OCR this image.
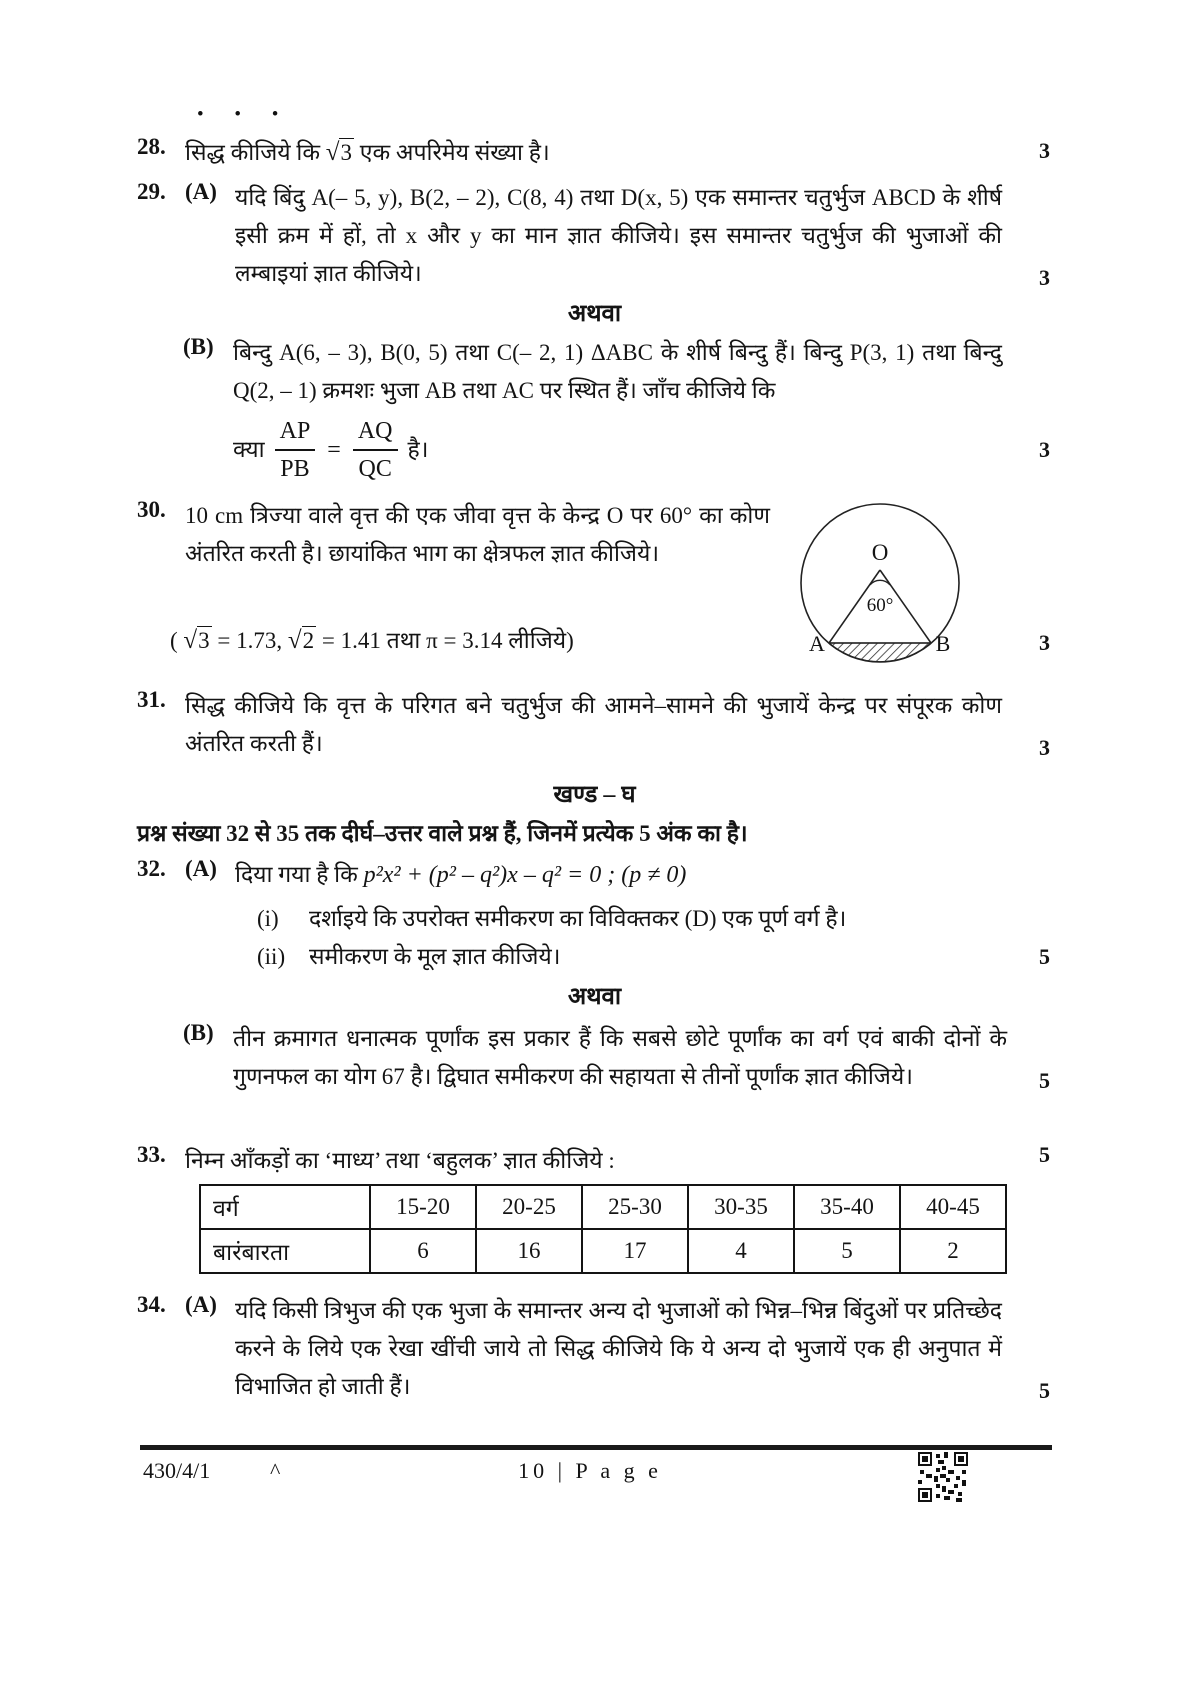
• • •
28. सिद्ध कीजिये कि √3 एक अपरिमेय संख्या है।	3
29. (A) यदि बिंदु A(– 5, y), B(2, – 2), C(8, 4) तथा D(x, 5) एक समान्तर चतुर्भुज ABCD के शीर्ष इसी क्रम में हों, तो x और y का मान ज्ञात कीजिये। इस समान्तर चतुर्भुज की भुजाओं की लम्बाइयां ज्ञात कीजिये।	3
अथवा
(B) बिन्दु A(6, – 3), B(0, 5) तथा C(– 2, 1) ΔABC के शीर्ष बिन्दु हैं। बिन्दु P(3, 1) तथा बिन्दु Q(2, – 1) क्रमशः भुजा AB तथा AC पर स्थित हैं। जाँच कीजिये कि
क्या $\frac{AP}{PB} = \frac{AQ}{QC}$ है।	3
30. 10 cm त्रिज्या वाले वृत्त की एक जीवा वृत्त के केन्द्र O पर 60° का कोण अंतरित करती है। छायांकित भाग का क्षेत्रफल ज्ञात कीजिये।
( √3 = 1.73, √2 = 1.41 तथा π = 3.14 लीजिये)	3
O
60°
A	B
31. सिद्ध कीजिये कि वृत्त के परिगत बने चतुर्भुज की आमने–सामने की भुजायें केन्द्र पर संपूरक कोण अंतरित करती हैं।	3
खण्ड – घ
प्रश्न संख्या 32 से 35 तक दीर्घ–उत्तर वाले प्रश्न हैं, जिनमें प्रत्येक 5 अंक का है।
32. (A) दिया गया है कि p²x² + (p² – q²)x – q² = 0 ; (p ≠ 0)
(i)	दर्शाइये कि उपरोक्त समीकरण का विविक्तकर (D) एक पूर्ण वर्ग है।
(ii)	समीकरण के मूल ज्ञात कीजिये।	5
अथवा
(B) तीन क्रमागत धनात्मक पूर्णांक इस प्रकार हैं कि सबसे छोटे पूर्णांक का वर्ग एवं बाकी दोनों के गुणनफल का योग 67 है। द्विघात समीकरण की सहायता से तीनों पूर्णांक ज्ञात कीजिये।	5
33. निम्न आँकड़ों का ‘माध्य’ तथा ‘बहुलक’ ज्ञात कीजिये :	5
वर्ग	15-20	20-25	25-30	30-35	35-40	40-45
बारंबारता	6	16	17	4	5	2
34. (A) यदि किसी त्रिभुज की एक भुजा के समान्तर अन्य दो भुजाओं को भिन्न–भिन्न बिंदुओं पर प्रतिच्छेद करने के लिये एक रेखा खींची जाये तो सिद्ध कीजिये कि ये अन्य दो भुजायें एक ही अनुपात में विभाजित हो जाती हैं।	5
430/4/1	^	10 | P a g e
